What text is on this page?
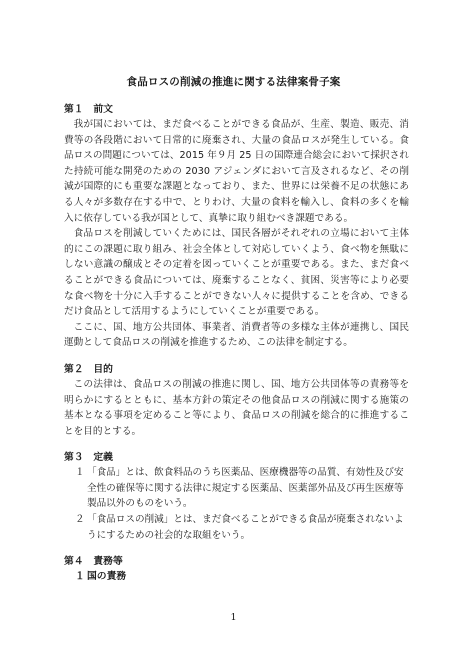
食品ロスの削減の推進に関する法律案骨子案

第１　前文

我が国においては、まだ食べることができる食品が、生産、製造、販売、消費等の各段階において日常的に廃棄され、大量の食品ロスが発生している。食品ロスの問題については、2015 年９月 25 日の国際連合総会において採択された持続可能な開発のための 2030 アジェンダにおいて言及されるなど、その削減が国際的にも重要な課題となっており、また、世界には栄養不足の状態にある人々が多数存在する中で、とりわけ、大量の食料を輸入し、食料の多くを輸入に依存している我が国として、真摯に取り組むべき課題である。

食品ロスを削減していくためには、国民各層がそれぞれの立場において主体的にこの課題に取り組み、社会全体として対応していくよう、食べ物を無駄にしない意識の醸成とその定着を図っていくことが重要である。また、まだ食べることができる食品については、廃棄することなく、貧困、災害等により必要な食べ物を十分に入手することができない人々に提供することを含め、できるだけ食品として活用するようにしていくことが重要である。

ここに、国、地方公共団体、事業者、消費者等の多様な主体が連携し、国民運動として食品ロスの削減を推進するため、この法律を制定する。

第２　目的

この法律は、食品ロスの削減の推進に関し、国、地方公共団体等の責務等を明らかにするとともに、基本方針の策定その他食品ロスの削減に関する施策の基本となる事項を定めること等により、食品ロスの削減を総合的に推進することを目的とする。

第３　定義

１ 「食品」とは、飲食料品のうち医薬品、医療機器等の品質、有効性及び安全性の確保等に関する法律に規定する医薬品、医薬部外品及び再生医療等製品以外のものをいう。

２ 「食品ロスの削減」とは、まだ食べることができる食品が廃棄されないようにするための社会的な取組をいう。

第４　責務等

１ 国の責務

1
